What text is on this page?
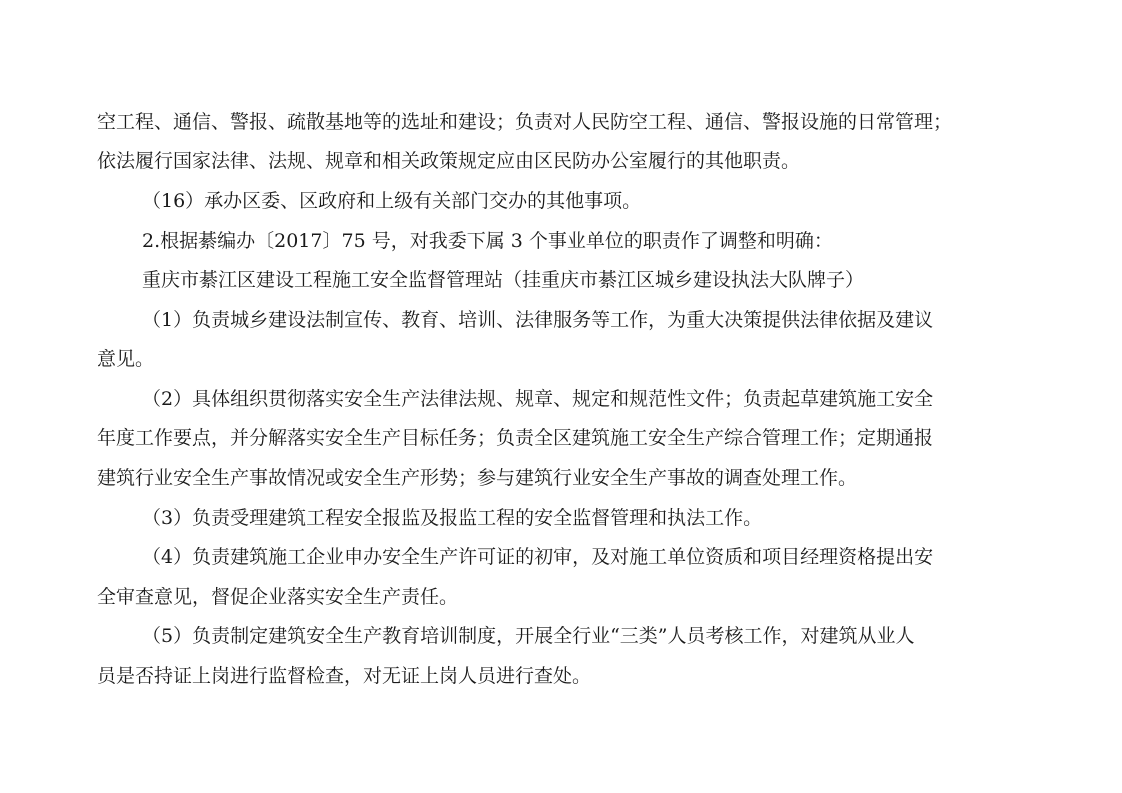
空工程、通信、警报、疏散基地等的选址和建设；负责对人民防空工程、通信、警报设施的日常管理；
依法履行国家法律、法规、规章和相关政策规定应由区民防办公室履行的其他职责。
（16）承办区委、区政府和上级有关部门交办的其他事项。
2.根据綦编办〔2017〕75 号，对我委下属 3 个事业单位的职责作了调整和明确：
重庆市綦江区建设工程施工安全监督管理站（挂重庆市綦江区城乡建设执法大队牌子）
（1）负责城乡建设法制宣传、教育、培训、法律服务等工作，为重大决策提供法律依据及建议
意见。
（2）具体组织贯彻落实安全生产法律法规、规章、规定和规范性文件；负责起草建筑施工安全
年度工作要点，并分解落实安全生产目标任务；负责全区建筑施工安全生产综合管理工作；定期通报
建筑行业安全生产事故情况或安全生产形势；参与建筑行业安全生产事故的调查处理工作。
（3）负责受理建筑工程安全报监及报监工程的安全监督管理和执法工作。
（4）负责建筑施工企业申办安全生产许可证的初审，及对施工单位资质和项目经理资格提出安
全审查意见，督促企业落实安全生产责任。
（5）负责制定建筑安全生产教育培训制度，开展全行业“三类”人员考核工作，对建筑从业人
员是否持证上岗进行监督检查，对无证上岗人员进行查处。
